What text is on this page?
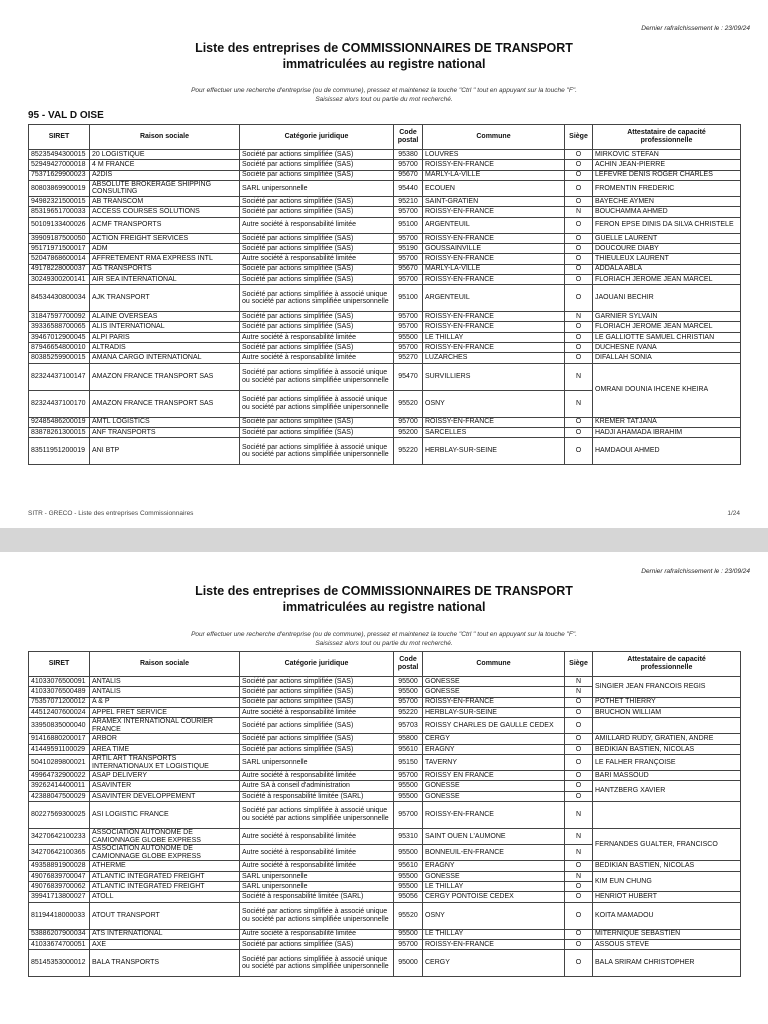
Dernier rafraîchissement le : 23/09/24
Liste des entreprises de COMMISSIONNAIRES DE TRANSPORT
immatriculées au registre national
Pour effectuer une recherche d'entreprise (ou de commune), pressez et maintenez la touche "Ctrl " tout en appuyant sur la touche "F".
Saisissez alors tout ou partie du mot recherché.
95 - VAL D OISE
SIRET	Raison sociale	Catégorie juridique	Code
postal	Commune	Siège	Attestataire de capacité
professionnelle
85235494300015	20 LOGISTIQUE	Société par actions simplifiée (SAS)	95380	LOUVRES	O	MIRKOVIC STEFAN
52949427000018	4 M FRANCE	Société par actions simplifiée (SAS)	95700	ROISSY-EN-FRANCE	O	ACHIN JEAN-PIERRE
75371629900023	A2DIS	Société par actions simplifiée (SAS)	95670	MARLY-LA-VILLE	O	LEFEVRE DENIS ROGER CHARLES
80803869900019	ABSOLUTE BROKERAGE SHIPPING CONSULTING	SARL unipersonnelle	95440	ECOUEN	O	FROMENTIN FREDERIC
94982321500015	AB TRANSCOM	Société par actions simplifiée (SAS)	95210	SAINT-GRATIEN	O	BAYECHE AYMEN
85319651700033	ACCESS COURSES SOLUTIONS	Société par actions simplifiée (SAS)	95700	ROISSY-EN-FRANCE	N	BOUCHAMMA AHMED
50109133400026	ACMF TRANSPORTS	Autre société à responsabilité limitée	95100	ARGENTEUIL	O	FERON EPSE DINIS DA SILVA CHRISTELE
39909187500050	ACTION FREIGHT SERVICES	Société par actions simplifiée (SAS)	95700	ROISSY-EN-FRANCE	O	GUELLE LAURENT
95171971500017	ADM	Société par actions simplifiée (SAS)	95190	GOUSSAINVILLE	O	DOUCOURE DIABY
52047868600014	AFFRETEMENT RMA EXPRESS INTL	Autre société à responsabilité limitée	95700	ROISSY-EN-FRANCE	O	THIEULEUX LAURENT
49178228000037	AG TRANSPORTS	Société par actions simplifiée (SAS)	95670	MARLY-LA-VILLE	O	ADDALA ABLA
30249300200141	AIR SEA INTERNATIONAL	Société par actions simplifiée (SAS)	95700	ROISSY-EN-FRANCE	O	FLORIACH JEROME JEAN MARCEL
84534430800034	AJK TRANSPORT	Société par actions simplifiée à associé unique ou société par actions simplifiée unipersonnelle	95100	ARGENTEUIL	O	JAOUANI BECHIR
31847597700092	ALAINE OVERSEAS	Société par actions simplifiée (SAS)	95700	ROISSY-EN-FRANCE	N	GARNIER SYLVAIN
39336588700065	ALIS INTERNATIONAL	Société par actions simplifiée (SAS)	95700	ROISSY-EN-FRANCE	O	FLORIACH JEROME JEAN MARCEL
39467012900045	ALPI PARIS	Autre société à responsabilité limitée	95500	LE THILLAY	O	LE GALLIOTTE SAMUEL CHRISTIAN
87946654800010	ALTRADIS	Société par actions simplifiée (SAS)	95700	ROISSY-EN-FRANCE	O	DUCHESNE IVANA
80385259900015	AMANA CARGO INTERNATIONAL	Autre société à responsabilité limitée	95270	LUZARCHES	O	DIFALLAH SONIA
82324437100147	AMAZON FRANCE TRANSPORT SAS	Société par actions simplifiée à associé unique ou société par actions simplifiée unipersonnelle	95470	SURVILLIERS	N	OMRANI DOUNIA IHCENE KHEIRA
82324437100170	AMAZON FRANCE TRANSPORT SAS	Société par actions simplifiée à associé unique ou société par actions simplifiée unipersonnelle	95520	OSNY	N	
92485486200019	AMTL LOGISTICS	Société par actions simplifiée (SAS)	95700	ROISSY-EN-FRANCE	O	KREMER TATJANA
83878261300015	ANF TRANSPORTS	Société par actions simplifiée (SAS)	95200	SARCELLES	O	HADJI AHAMADA IBRAHIM
83511951200019	ANI BTP	Société par actions simplifiée à associé unique ou société par actions simplifiée unipersonnelle	95220	HERBLAY-SUR-SEINE	O	HAMDAOUI AHMED
SITR - GRECO - Liste des entreprises Commissionnaires	1/24
Dernier rafraîchissement le : 23/09/24
Liste des entreprises de COMMISSIONNAIRES DE TRANSPORT
immatriculées au registre national
Pour effectuer une recherche d'entreprise (ou de commune), pressez et maintenez la touche "Ctrl " tout en appuyant sur la touche "F".
Saisissez alors tout ou partie du mot recherché.
SIRET	Raison sociale	Catégorie juridique	Code
postal	Commune	Siège	Attestataire de capacité
professionnelle
41033076500091	ANTALIS	Société par actions simplifiée (SAS)	95500	GONESSE	N	SINGIER JEAN FRANCOIS REGIS
41033076500489	ANTALIS	Société par actions simplifiée (SAS)	95500	GONESSE	N	
75357071200012	A & P	Société par actions simplifiée (SAS)	95700	ROISSY-EN-FRANCE	O	POTHET THIERRY
44512407600024	APPEL FRET SERVICE	Autre société à responsabilité limitée	95220	HERBLAY-SUR-SEINE	O	BRUCHON WILLIAM
33950835000040	ARAMEX INTERNATIONAL COURIER FRANCE	Société par actions simplifiée (SAS)	95703	ROISSY CHARLES DE GAULLE CEDEX	O	
91416880200017	ARBOR	Société par actions simplifiée (SAS)	95800	CERGY	O	AMILLARD RUDY, GRATIEN, ANDRE
41449591100029	AREA TIME	Société par actions simplifiée (SAS)	95610	ERAGNY	O	BEDIKIAN BASTIEN, NICOLAS
50410289800021	ARTIL ART TRANSPORTS INTERNATIONAUX ET LOGISTIQUE	SARL unipersonnelle	95150	TAVERNY	O	LE FALHER FRANÇOISE
49964732900022	ASAP DELIVERY	Autre société à responsabilité limitée	95700	ROISSY EN FRANCE	O	BARI MASSOUD
39262414400011	ASAVINTER	Autre SA à conseil d'administration	95500	GONESSE	O	HANTZBERG XAVIER
42388047500029	ASAVINTER DEVELOPPEMENT	Société à responsabilité limitée (SARL)	95500	GONESSE	O	
80227569300025	ASI LOGISTIC FRANCE	Société par actions simplifiée à associé unique ou société par actions simplifiée unipersonnelle	95700	ROISSY-EN-FRANCE	N	
34270642100233	ASSOCIATION AUTONOME DE CAMIONNAGE GLOBE EXPRESS	Autre société à responsabilité limitée	95310	SAINT OUEN L'AUMONE	N	FERNANDES GUALTER, FRANCISCO
34270642100365	ASSOCIATION AUTONOME DE CAMIONNAGE GLOBE EXPRESS	Autre société à responsabilité limitée	95500	BONNEUIL-EN-FRANCE	N	
49358891900028	ATHERME	Autre société à responsabilité limitée	95610	ERAGNY	O	BEDIKIAN BASTIEN, NICOLAS
49076839700047	ATLANTIC INTEGRATED FREIGHT	SARL unipersonnelle	95500	GONESSE	N	KIM EUN CHUNG
49076839700062	ATLANTIC INTEGRATED FREIGHT	SARL unipersonnelle	95500	LE THILLAY	O	
39941713800027	ATOLL	Société à responsabilité limitée (SARL)	95056	CERGY PONTOISE CEDEX	O	HENRIOT HUBERT
81194418000033	ATOUT TRANSPORT	Société par actions simplifiée à associé unique ou société par actions simplifiée unipersonnelle	95520	OSNY	O	KOITA MAMADOU
53886207900034	ATS INTERNATIONAL	Autre société à responsabilité limitée	95500	LE THILLAY	O	MITERNIQUE SEBASTIEN
41033674700051	AXE	Société par actions simplifiée (SAS)	95700	ROISSY-EN-FRANCE	O	ASSOUS STEVE
85145353000012	BALA TRANSPORTS	Société par actions simplifiée à associé unique ou société par actions simplifiée unipersonnelle	95000	CERGY	O	BALA SRIRAM CHRISTOPHER
